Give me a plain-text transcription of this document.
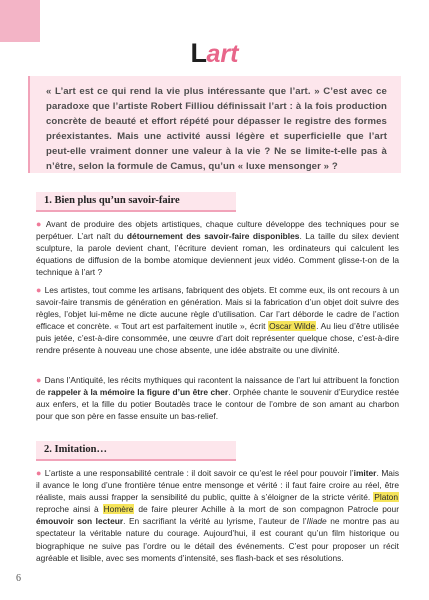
Lart
« L’art est ce qui rend la vie plus intéressante que l’art. » C’est avec ce paradoxe que l’artiste Robert Filliou définissait l’art : à la fois production concrète de beauté et effort répété pour dépasser le registre des formes préexistantes. Mais une activité aussi légère et superficielle que l’art peut-elle vraiment donner une valeur à la vie ? Ne se limite-t-elle pas à n’être, selon la formule de Camus, qu’un « luxe mensonger » ?
1. Bien plus qu’un savoir-faire

● Avant de produire des objets artistiques, chaque culture développe des techniques pour se perpétuer. L’art naît du détournement des savoir-faire disponibles. La taille du silex devient sculpture, la parole devient chant, l’écriture devient roman, les ordinateurs qui calculent les équations de diffusion de la bombe atomique deviennent jeux vidéo. Comment glisse-t-on de la technique à l’art ?

● Les artistes, tout comme les artisans, fabriquent des objets. Et comme eux, ils ont recours à un savoir-faire transmis de génération en génération. Mais si la fabrication d’un objet doit suivre des règles, l’objet lui-même ne dicte aucune règle d’utilisation. Car l’art déborde le cadre de l’action efficace et concrète. « Tout art est parfaitement inutile », écrit Oscar Wilde. Au lieu d’être utilisée puis jetée, c’est-à-dire consommée, une œuvre d’art doit représenter quelque chose, c’est-à-dire rendre présente à nouveau une chose absente, une idée abstraite ou une divinité.

● Dans l’Antiquité, les récits mythiques qui racontent la naissance de l’art lui attribuent la fonction de rappeler à la mémoire la figure d’un être cher. Orphée chante le souvenir d’Eurydice restée aux enfers, et la fille du potier Boutadès trace le contour de l’ombre de son amant au charbon pour que son père en fasse ensuite un bas-relief.

2. Imitation…

● L’artiste a une responsabilité centrale : il doit savoir ce qu’est le réel pour pouvoir l’imiter. Mais il avance le long d’une frontière ténue entre mensonge et vérité : il faut faire croire au réel, être réaliste, mais aussi frapper la sensibilité du public, quitte à s’éloigner de la stricte vérité. Platon reproche ainsi à Homère de faire pleurer Achille à la mort de son compagnon Patrocle pour émouvoir son lecteur. En sacrifiant la vérité au lyrisme, l’auteur de l’Iliade ne montre pas au spectateur la véritable nature du courage. Aujourd’hui, il est courant qu’un film historique ou biographique ne suive pas l’ordre ou le détail des événements. C’est pour proposer un récit agréable et lisible, avec ses moments d’intensité, ses flash-back et ses résolutions.

6
